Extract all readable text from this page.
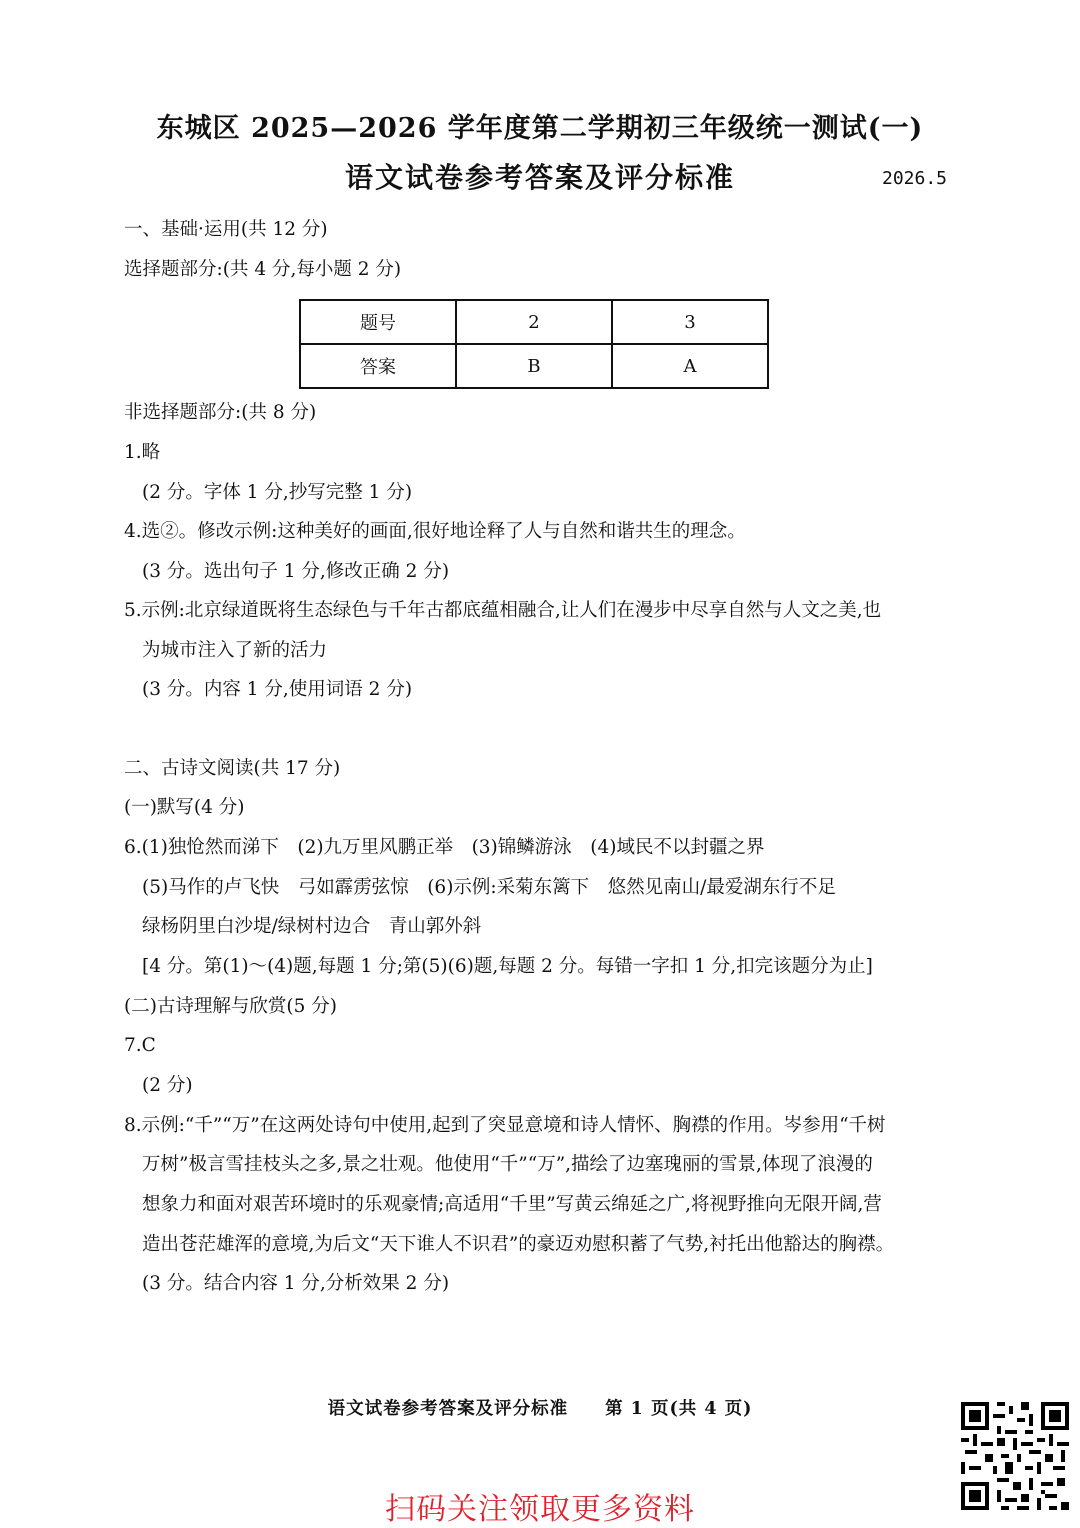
东城区 2025—2026 学年度第二学期初三年级统一测试(一)
语文试卷参考答案及评分标准	2026.5
一、基础·运用(共 12 分)
选择题部分:(共 4 分,每小题 2 分)
题号	2	3
答案	B	A
非选择题部分:(共 8 分)
1.略
(2 分。字体 1 分,抄写完整 1 分)
4.选②。修改示例:这种美好的画面,很好地诠释了人与自然和谐共生的理念。
(3 分。选出句子 1 分,修改正确 2 分)
5.示例:北京绿道既将生态绿色与千年古都底蕴相融合,让人们在漫步中尽享自然与人文之美,也
为城市注入了新的活力
(3 分。内容 1 分,使用词语 2 分)
二、古诗文阅读(共 17 分)
(一)默写(4 分)
6.(1)独怆然而涕下　(2)九万里风鹏正举　(3)锦鳞游泳　(4)域民不以封疆之界
(5)马作的卢飞快　弓如霹雳弦惊　(6)示例:采菊东篱下　悠然见南山/最爱湖东行不足
绿杨阴里白沙堤/绿树村边合　青山郭外斜
[4 分。第(1)～(4)题,每题 1 分;第(5)(6)题,每题 2 分。每错一字扣 1 分,扣完该题分为止]
(二)古诗理解与欣赏(5 分)
7.C
(2 分)
8.示例:“千”“万”在这两处诗句中使用,起到了突显意境和诗人情怀、胸襟的作用。岑参用“千树
万树”极言雪挂枝头之多,景之壮观。他使用“千”“万”,描绘了边塞瑰丽的雪景,体现了浪漫的
想象力和面对艰苦环境时的乐观豪情;高适用“千里”写黄云绵延之广,将视野推向无限开阔,营
造出苍茫雄浑的意境,为后文“天下谁人不识君”的豪迈劝慰积蓄了气势,衬托出他豁达的胸襟。
(3 分。结合内容 1 分,分析效果 2 分)
语文试卷参考答案及评分标准　　第 1 页(共 4 页)
扫码关注领取更多资料
